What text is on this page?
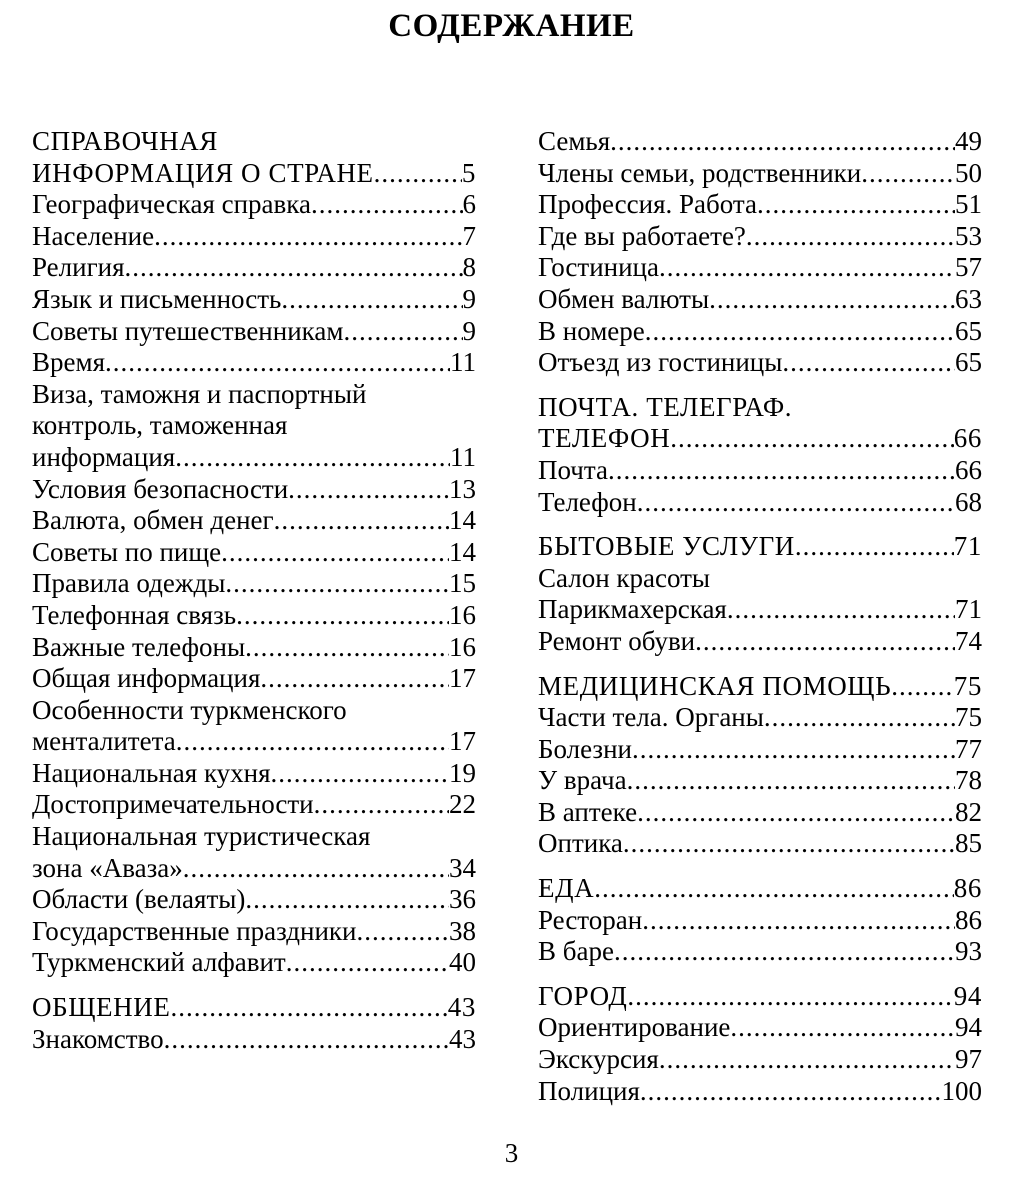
СОДЕРЖАНИЕ
СПРАВОЧНАЯ
ИНФОРМАЦИЯ О СТРАНЕ .....	5
Географическая справка .....	6
Население .....	7
Религия .....	8
Язык и письменность .....	9
Советы путешественникам .....	9
Время .....	11
Виза, таможня и паспортный
контроль, таможенная
информация .....	11
Условия безопасности .....	13
Валюта, обмен денег .....	14
Советы по пище .....	14
Правила одежды .....	15
Телефонная связь .....	16
Важные телефоны .....	16
Общая информация .....	17
Особенности туркменского
менталитета .....	17
Национальная кухня .....	19
Достопримечательности .....	22
Национальная туристическая
зона «Аваза» .....	34
Области (велаяты) .....	36
Государственные праздники .....	38
Туркменский алфавит .....	40
ОБЩЕНИЕ .....	43
Знакомство .....	43
Семья .....	49
Члены семьи, родственники .....	50
Профессия. Работа .....	51
Где вы работаете? .....	53
Гостиница .....	57
Обмен валюты .....	63
В номере .....	65
Отъезд из гостиницы .....	65
ПОЧТА. ТЕЛЕГРАФ.
ТЕЛЕФОН .....	66
Почта .....	66
Телефон .....	68
БЫТОВЫЕ УСЛУГИ .....	71
Салон красоты
Парикмахерская .....	71
Ремонт обуви .....	74
МЕДИЦИНСКАЯ ПОМОЩЬ ..... 75
Части тела. Органы .....	75
Болезни .....	77
У врача .....	78
В аптеке .....	82
Оптика .....	85
ЕДА .....	86
Ресторан .....	86
В баре .....	93
ГОРОД .....	94
Ориентирование .....	94
Экскурсия .....	97
Полиция .....	100
3
